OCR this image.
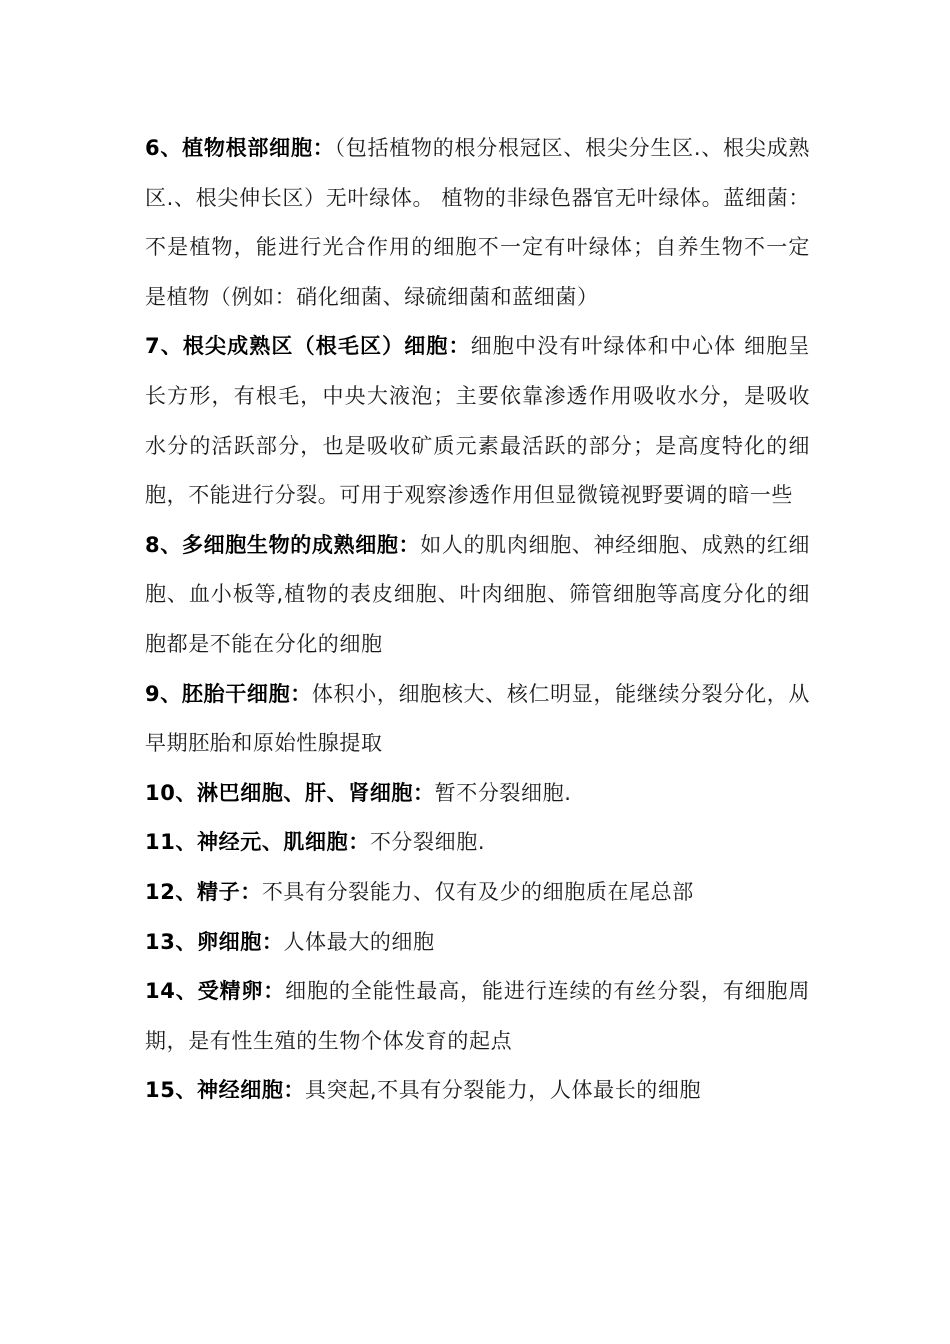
6、植物根部细胞：（包括植物的根分根冠区、根尖分生区.、根尖成熟区.、根尖伸长区）无叶绿体。 植物的非绿色器官无叶绿体。蓝细菌：不是植物，能进行光合作用的细胞不一定有叶绿体；自养生物不一定是植物（例如：硝化细菌、绿硫细菌和蓝细菌）

7、根尖成熟区（根毛区）细胞：细胞中没有叶绿体和中心体 细胞呈长方形，有根毛，中央大液泡；主要依靠渗透作用吸收水分，是吸收水分的活跃部分，也是吸收矿质元素最活跃的部分；是高度特化的细胞，不能进行分裂。可用于观察渗透作用但显微镜视野要调的暗一些

8、多细胞生物的成熟细胞：如人的肌肉细胞、神经细胞、成熟的红细胞、血小板等,植物的表皮细胞、叶肉细胞、筛管细胞等高度分化的细胞都是不能在分化的细胞

9、胚胎干细胞：体积小，细胞核大、核仁明显，能继续分裂分化，从早期胚胎和原始性腺提取

10、淋巴细胞、肝、肾细胞：暂不分裂细胞.

11、神经元、肌细胞：不分裂细胞.

12、精子：不具有分裂能力、仅有及少的细胞质在尾总部

13、卵细胞：人体最大的细胞

14、受精卵：细胞的全能性最高，能进行连续的有丝分裂，有细胞周期，是有性生殖的生物个体发育的起点

15、神经细胞：具突起,不具有分裂能力，人体最长的细胞
